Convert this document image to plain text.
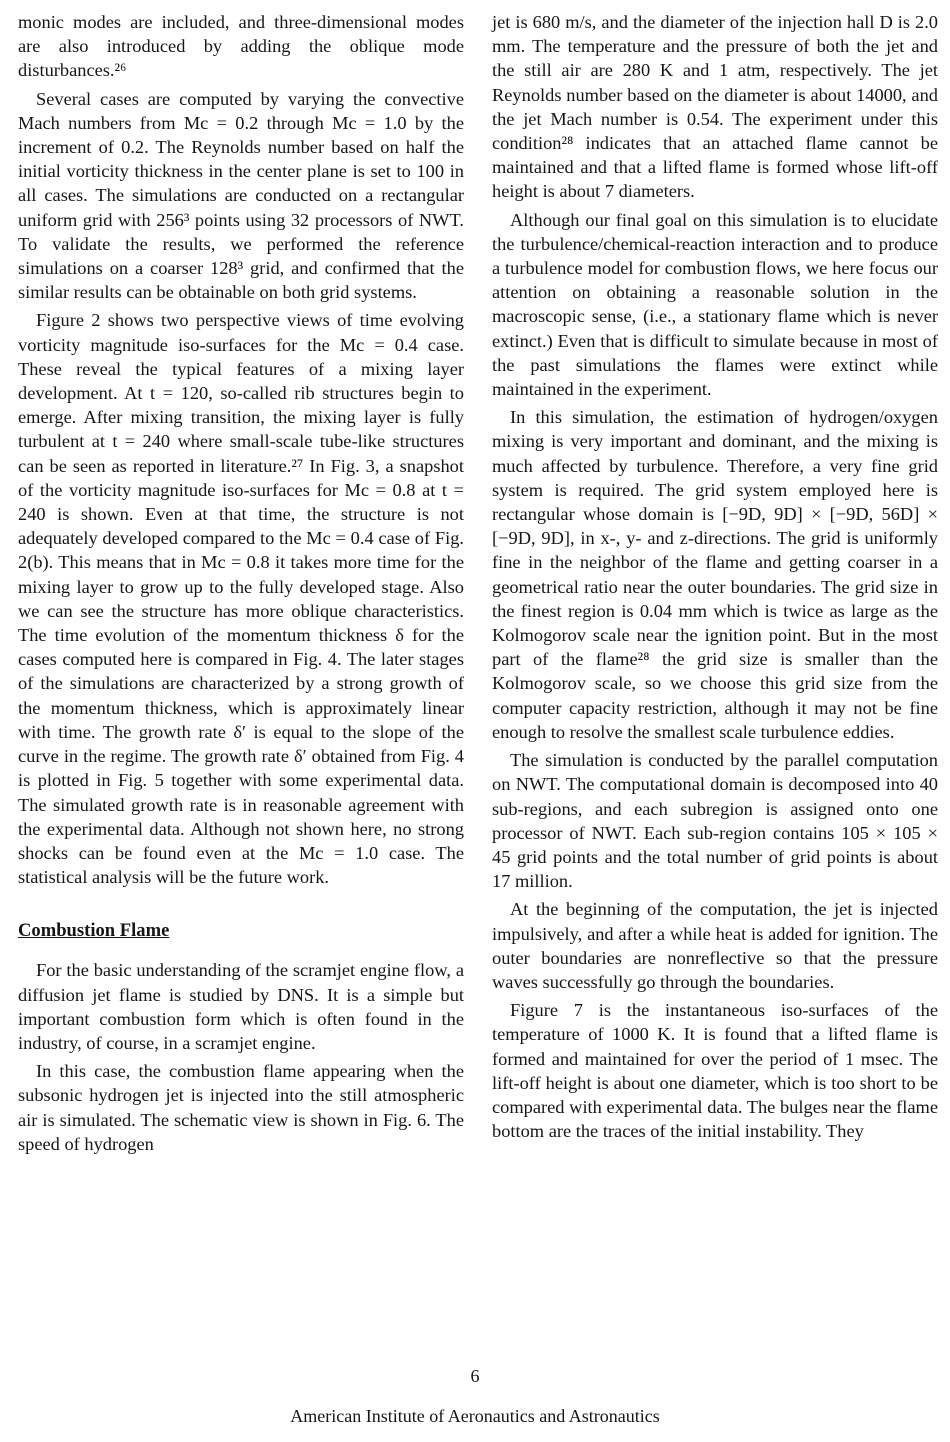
monic modes are included, and three-dimensional modes are also introduced by adding the oblique mode disturbances.²⁶

Several cases are computed by varying the convective Mach numbers from Mc = 0.2 through Mc = 1.0 by the increment of 0.2. The Reynolds number based on half the initial vorticity thickness in the center plane is set to 100 in all cases. The simulations are conducted on a rectangular uniform grid with 256³ points using 32 processors of NWT. To validate the results, we performed the reference simulations on a coarser 128³ grid, and confirmed that the similar results can be obtainable on both grid systems.

Figure 2 shows two perspective views of time evolving vorticity magnitude iso-surfaces for the Mc = 0.4 case. These reveal the typical features of a mixing layer development. At t = 120, so-called rib structures begin to emerge. After mixing transition, the mixing layer is fully turbulent at t = 240 where small-scale tube-like structures can be seen as reported in literature.²⁷ In Fig. 3, a snapshot of the vorticity magnitude iso-surfaces for Mc = 0.8 at t = 240 is shown. Even at that time, the structure is not adequately developed compared to the Mc = 0.4 case of Fig. 2(b). This means that in Mc = 0.8 it takes more time for the mixing layer to grow up to the fully developed stage. Also we can see the structure has more oblique characteristics. The time evolution of the momentum thickness δ for the cases computed here is compared in Fig. 4. The later stages of the simulations are characterized by a strong growth of the momentum thickness, which is approximately linear with time. The growth rate δ′ is equal to the slope of the curve in the regime. The growth rate δ′ obtained from Fig. 4 is plotted in Fig. 5 together with some experimental data. The simulated growth rate is in reasonable agreement with the experimental data. Although not shown here, no strong shocks can be found even at the Mc = 1.0 case. The statistical analysis will be the future work.

Combustion Flame

For the basic understanding of the scramjet engine flow, a diffusion jet flame is studied by DNS. It is a simple but important combustion form which is often found in the industry, of course, in a scramjet engine.

In this case, the combustion flame appearing when the subsonic hydrogen jet is injected into the still atmospheric air is simulated. The schematic view is shown in Fig. 6. The speed of hydrogen

jet is 680 m/s, and the diameter of the injection hall D is 2.0 mm. The temperature and the pressure of both the jet and the still air are 280 K and 1 atm, respectively. The jet Reynolds number based on the diameter is about 14000, and the jet Mach number is 0.54. The experiment under this condition²⁸ indicates that an attached flame cannot be maintained and that a lifted flame is formed whose lift-off height is about 7 diameters.

Although our final goal on this simulation is to elucidate the turbulence/chemical-reaction interaction and to produce a turbulence model for combustion flows, we here focus our attention on obtaining a reasonable solution in the macroscopic sense, (i.e., a stationary flame which is never extinct.) Even that is difficult to simulate because in most of the past simulations the flames were extinct while maintained in the experiment.

In this simulation, the estimation of hydrogen/oxygen mixing is very important and dominant, and the mixing is much affected by turbulence. Therefore, a very fine grid system is required. The grid system employed here is rectangular whose domain is [−9D, 9D] × [−9D, 56D] × [−9D, 9D], in x-, y- and z-directions. The grid is uniformly fine in the neighbor of the flame and getting coarser in a geometrical ratio near the outer boundaries. The grid size in the finest region is 0.04 mm which is twice as large as the Kolmogorov scale near the ignition point. But in the most part of the flame²⁸ the grid size is smaller than the Kolmogorov scale, so we choose this grid size from the computer capacity restriction, although it may not be fine enough to resolve the smallest scale turbulence eddies.

The simulation is conducted by the parallel computation on NWT. The computational domain is decomposed into 40 sub-regions, and each subregion is assigned onto one processor of NWT. Each sub-region contains 105 × 105 × 45 grid points and the total number of grid points is about 17 million.

At the beginning of the computation, the jet is injected impulsively, and after a while heat is added for ignition. The outer boundaries are nonreflective so that the pressure waves successfully go through the boundaries.

Figure 7 is the instantaneous iso-surfaces of the temperature of 1000 K. It is found that a lifted flame is formed and maintained for over the period of 1 msec. The lift-off height is about one diameter, which is too short to be compared with experimental data. The bulges near the flame bottom are the traces of the initial instability. They

6
American Institute of Aeronautics and Astronautics
